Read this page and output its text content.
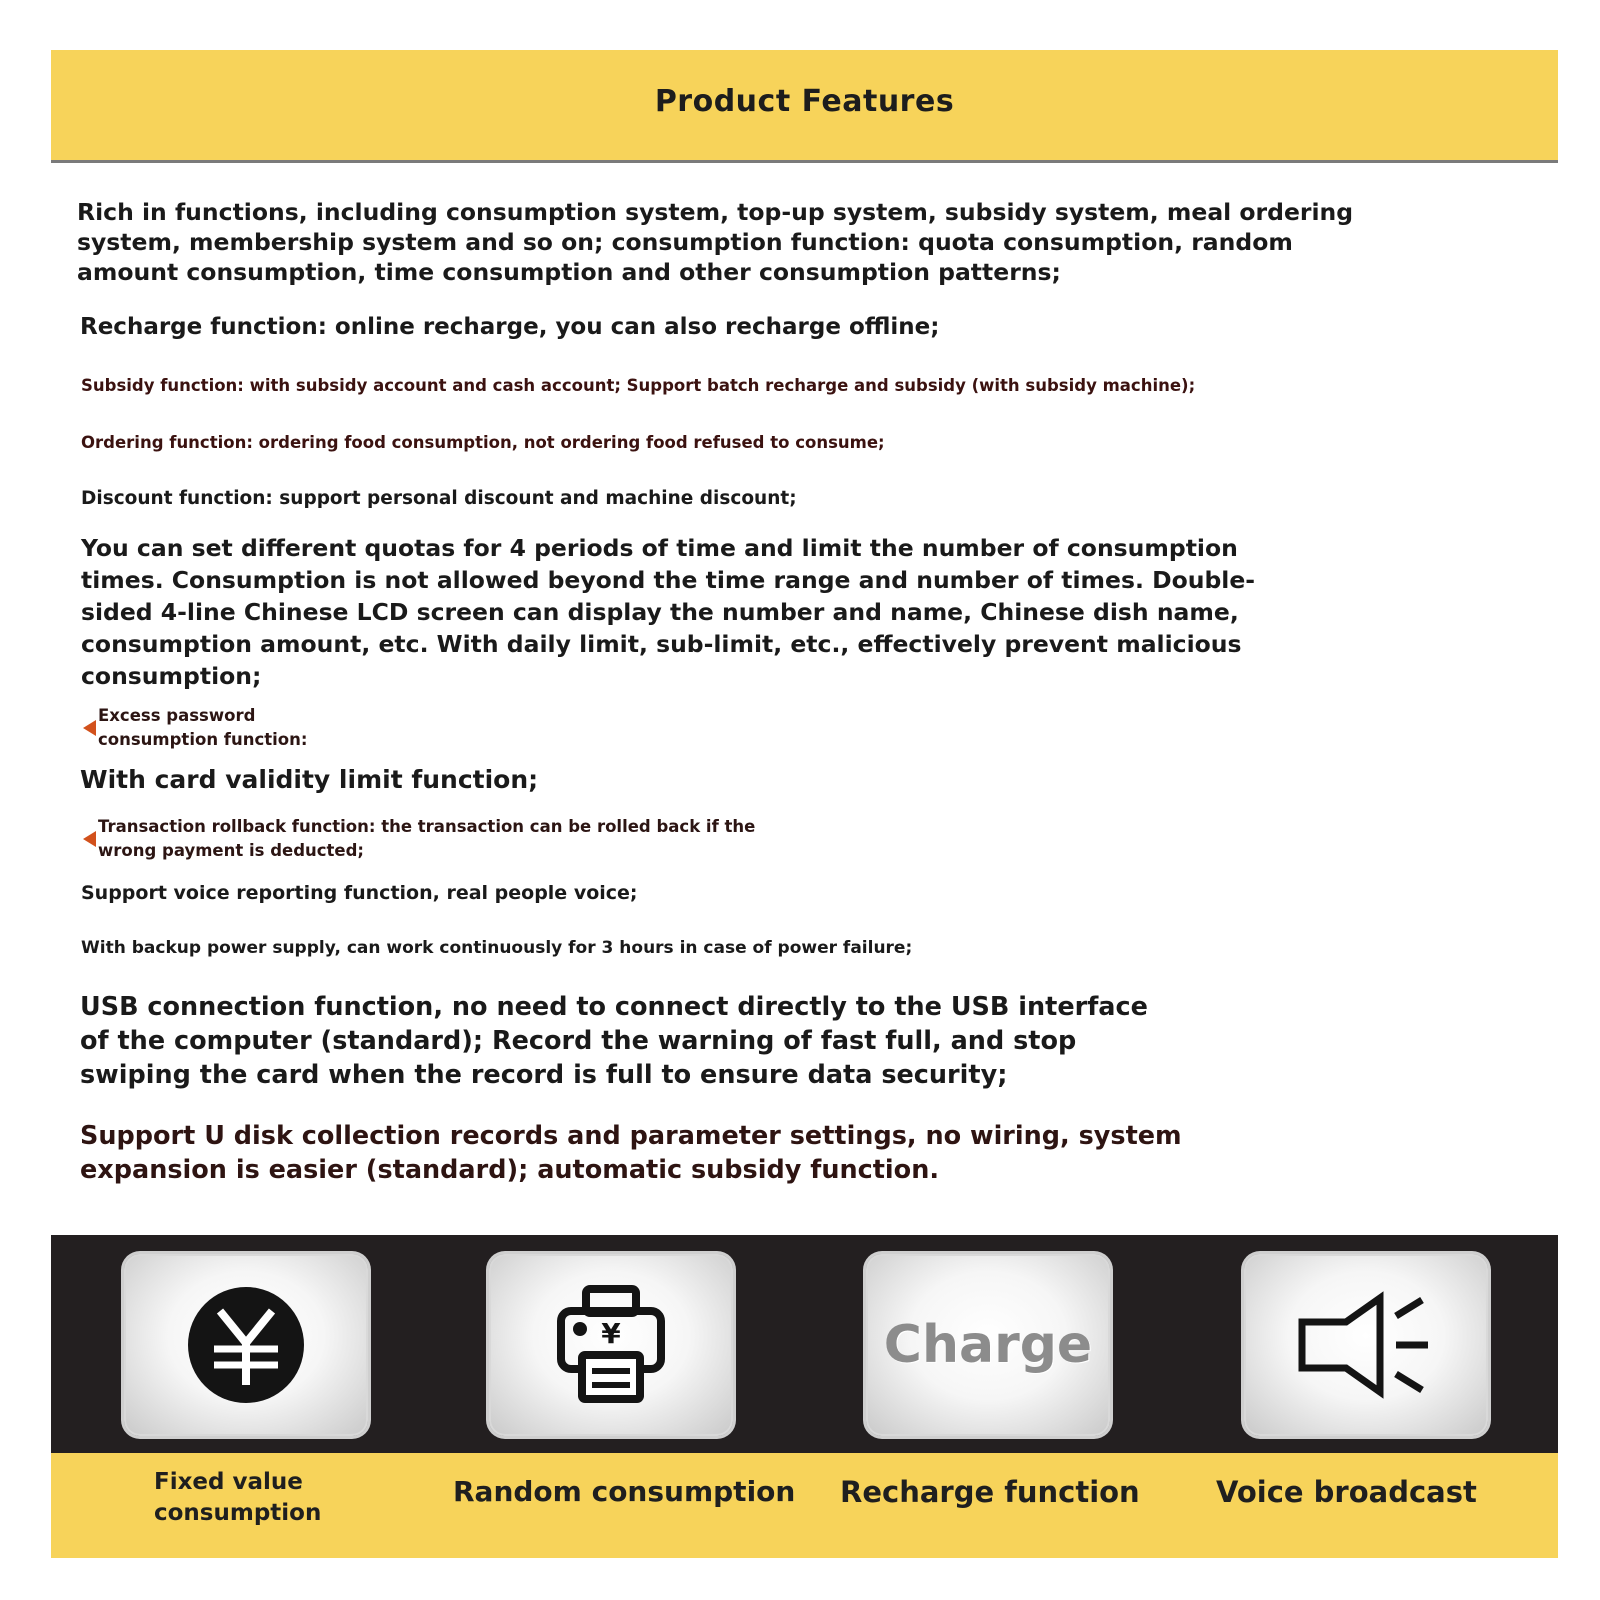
Product Features

Rich in functions, including consumption system, top-up system, subsidy system, meal ordering
system, membership system and so on; consumption function: quota consumption, random
amount consumption, time consumption and other consumption patterns;

Recharge function: online recharge, you can also recharge offline;

Subsidy function: with subsidy account and cash account; Support batch recharge and subsidy (with subsidy machine);

Ordering function: ordering food consumption, not ordering food refused to consume;

Discount function: support personal discount and machine discount;

You can set different quotas for 4 periods of time and limit the number of consumption
times. Consumption is not allowed beyond the time range and number of times. Double-
sided 4-line Chinese LCD screen can display the number and name, Chinese dish name,
consumption amount, etc. With daily limit, sub-limit, etc., effectively prevent malicious
consumption;

Excess password
consumption function:

With card validity limit function;

Transaction rollback function: the transaction can be rolled back if the
wrong payment is deducted;

Support voice reporting function, real people voice;

With backup power supply, can work continuously for 3 hours in case of power failure;

USB connection function, no need to connect directly to the USB interface
of the computer (standard); Record the warning of fast full, and stop
swiping the card when the record is full to ensure data security;

Support U disk collection records and parameter settings, no wiring, system
expansion is easier (standard); automatic subsidy function.

¥	Charge
Fixed value
consumption
Random consumption Recharge function	Voice broadcast
